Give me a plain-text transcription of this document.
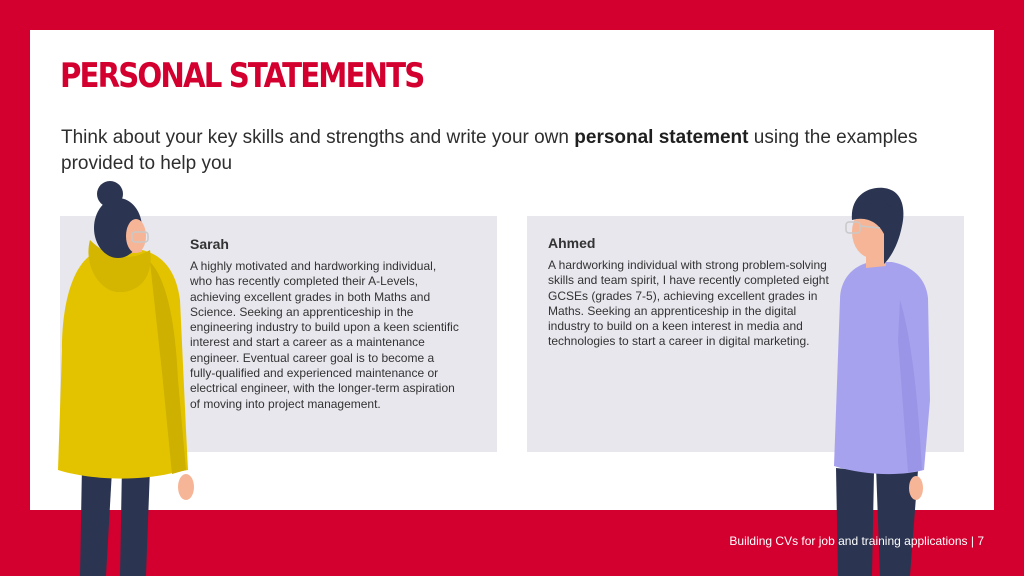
PERSONAL STATEMENTS

Think about your key skills and strengths and write your own personal statement using the examples provided to help you

Sarah

A highly motivated and hardworking individual, who has recently completed their A-Levels, achieving excellent grades in both Maths and Science. Seeking an apprenticeship in the engineering industry to build upon a keen scientific interest and start a career as a maintenance engineer. Eventual career goal is to become a fully-qualified and experienced maintenance or electrical engineer, with the longer-term aspiration of moving into project management.

Ahmed

A hardworking individual with strong problem-solving skills and team spirit, I have recently completed eight GCSEs (grades 7-5), achieving excellent grades in Maths. Seeking an apprenticeship in the digital industry to build on a keen interest in media and technologies to start a career in digital marketing.

Building CVs for job and training applications | 7
